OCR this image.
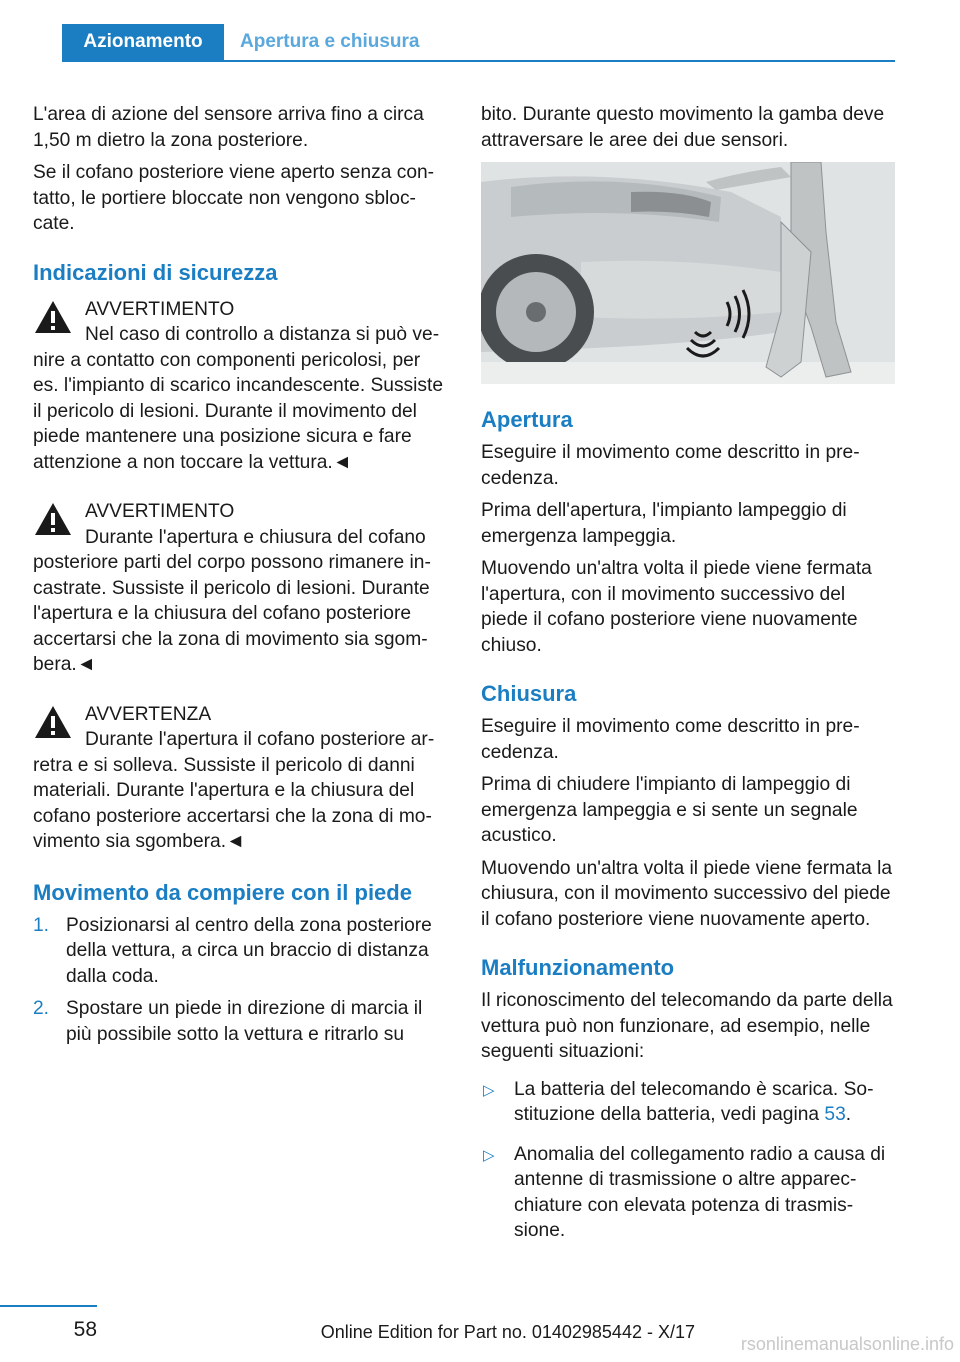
Azionamento	Apertura e chiusura

L'area di azione del sensore arriva fino a circa 1,50 m dietro la zona posteriore.

Se il cofano posteriore viene aperto senza contatto, le portiere bloccate non vengono sbloccate.

Indicazioni di sicurezza
AVVERTIMENTO
Nel caso di controllo a distanza si può venire a contatto con componenti pericolosi, per es. l'impianto di scarico incandescente. Sussiste il pericolo di lesioni. Durante il movimento del piede mantenere una posizione sicura e fare attenzione a non toccare la vettura.◄
AVVERTIMENTO
Durante l'apertura e chiusura del cofano posteriore parti del corpo possono rimanere incastrate. Sussiste il pericolo di lesioni. Durante l'apertura e la chiusura del cofano posteriore accertarsi che la zona di movimento sia sgombera.◄
AVVERTENZA
Durante l'apertura il cofano posteriore arretra e si solleva. Sussiste il pericolo di danni materiali. Durante l'apertura e la chiusura del cofano posteriore accertarsi che la zona di movimento sia sgombera.◄
Movimento da compiere con il piede
1. Posizionarsi al centro della zona posteriore della vettura, a circa un braccio di distanza dalla coda.
2. Spostare un piede in direzione di marcia il più possibile sotto la vettura e ritrarlo su

bito. Durante questo movimento la gamba deve attraversare le aree dei due sensori.

Apertura

Eseguire il movimento come descritto in precedenza.

Prima dell'apertura, l'impianto lampeggio di emergenza lampeggia.

Muovendo un'altra volta il piede viene fermata l'apertura, con il movimento successivo del piede il cofano posteriore viene nuovamente chiuso.

Chiusura

Eseguire il movimento come descritto in precedenza.

Prima di chiudere l'impianto di lampeggio di emergenza lampeggia e si sente un segnale acustico.

Muovendo un'altra volta il piede viene fermata la chiusura, con il movimento successivo del piede il cofano posteriore viene nuovamente aperto.

Malfunzionamento

Il riconoscimento del telecomando da parte della vettura può non funzionare, ad esempio, nelle seguenti situazioni:

▷ La batteria del telecomando è scarica. Sostituzione della batteria, vedi pagina 53.
▷ Anomalia del collegamento radio a causa di antenne di trasmissione o altre apparecchiature con elevata potenza di trasmissione.
58	Online Edition for Part no. 01402985442 - X/17
rsonlinemanualsonline.info
